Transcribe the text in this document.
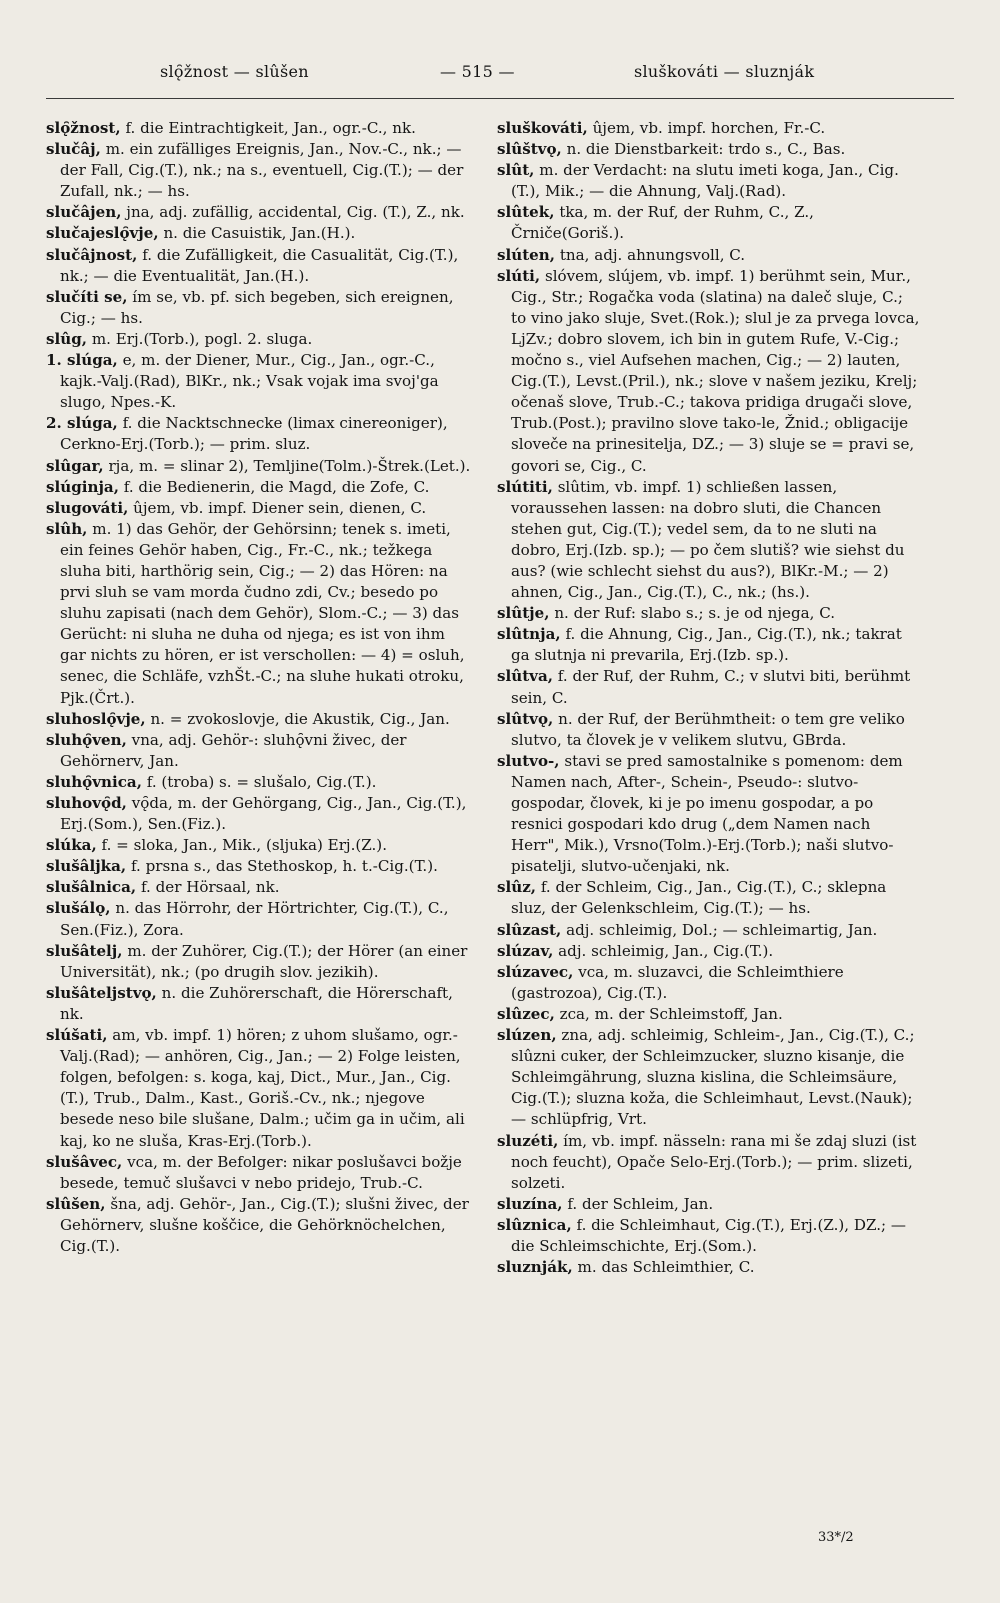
slǫ̑žnost — slûšen	— 515 —	sluškováti — sluznják

slǫ̑žnost, f. die Eintrachtigkeit, Jan., ogr.-C., nk.

slučâj, m. ein zufälliges Ereignis, Jan., Nov.-C., nk.; — der Fall, Cig.(T.), nk.; na s., eventuell, Cig.(T.); — der Zufall, nk.; — hs.

slučâjen, jna, adj. zufällig, accidental, Cig. (T.), Z., nk.

slučajeslǫ̑vje, n. die Casuistik, Jan.(H.).

slučâjnost, f. die Zufälligkeit, die Casualität, Cig.(T.), nk.; — die Eventualität, Jan.(H.).

slučíti se, ím se, vb. pf. sich begeben, sich ereignen, Cig.; — hs.

slûg, m. Erj.(Torb.), pogl. 2. sluga.

1. slúga, e, m. der Diener, Mur., Cig., Jan., ogr.-C., kajk.-Valj.(Rad), BlKr., nk.; Vsak vojak ima svoj'ga slugo, Npes.-K.

2. slúga, f. die Nacktschnecke (limax cinereoniger), Cerkno-Erj.(Torb.); — prim. sluz.

slûgar, rja, m. = slinar 2), Temljine(Tolm.)-Štrek.(Let.).

slúginja, f. die Bedienerin, die Magd, die Zofe, C.

slugováti, ûjem, vb. impf. Diener sein, dienen, C.

slûh, m. 1) das Gehör, der Gehörsinn; tenek s. imeti, ein feines Gehör haben, Cig., Fr.-C., nk.; težkega sluha biti, harthörig sein, Cig.; — 2) das Hören: na prvi sluh se vam morda čudno zdi, Cv.; besedo po sluhu zapisati (nach dem Gehör), Slom.-C.; — 3) das Gerücht: ni sluha ne duha od njega; es ist von ihm gar nichts zu hören, er ist verschollen: — 4) = osluh, senec, die Schläfe, vzhŠt.-C.; na sluhe hukati otroku, Pjk.(Črt.).

sluhoslǫ̑vje, n. = zvokoslovje, die Akustik, Cig., Jan.

sluhǫ̑ven, vna, adj. Gehör-: sluhǫ̑vni živec, der Gehörnerv, Jan.

sluhǫ̑vnica, f. (troba) s. = slušalo, Cig.(T.).

sluhovǫ̑d, vǫ̑da, m. der Gehörgang, Cig., Jan., Cig.(T.), Erj.(Som.), Sen.(Fiz.).

slúka, f. = sloka, Jan., Mik., (sljuka) Erj.(Z.).

slušâljka, f. prsna s., das Stethoskop, h. t.-Cig.(T.).

slušâlnica, f. der Hörsaal, nk.

slušálǫ, n. das Hörrohr, der Hörtrichter, Cig.(T.), C., Sen.(Fiz.), Zora.

slušâtelj, m. der Zuhörer, Cig.(T.); der Hörer (an einer Universität), nk.; (po drugih slov. jezikih).

slušâteljstvǫ, n. die Zuhörerschaft, die Hörerschaft, nk.

slúšati, am, vb. impf. 1) hören; z uhom slušamo, ogr.-Valj.(Rad); — anhören, Cig., Jan.; — 2) Folge leisten, folgen, befolgen: s. koga, kaj, Dict., Mur., Jan., Cig.(T.), Trub., Dalm., Kast., Goriš.-Cv., nk.; njegove besede neso bile slušane, Dalm.; učim ga in učim, ali kaj, ko ne sluša, Kras-Erj.(Torb.).

slušâvec, vca, m. der Befolger: nikar poslušavci božje besede, temuč slušavci v nebo pridejo, Trub.-C.

slûšen, šna, adj. Gehör-, Jan., Cig.(T.); slušni živec, der Gehörnerv, slušne koščice, die Gehörknöchelchen, Cig.(T.).

sluškováti, ûjem, vb. impf. horchen, Fr.-C.

slûštvǫ, n. die Dienstbarkeit: trdo s., C., Bas.

slût, m. der Verdacht: na slutu imeti koga, Jan., Cig.(T.), Mik.; — die Ahnung, Valj.(Rad).

slûtek, tka, m. der Ruf, der Ruhm, C., Z., Črniče(Goriš.).

slúten, tna, adj. ahnungsvoll, C.

slúti, slóvem, slújem, vb. impf. 1) berühmt sein, Mur., Cig., Str.; Rogačka voda (slatina) na daleč sluje, C.; to vino jako sluje, Svet.(Rok.); slul je za prvega lovca, LjZv.; dobro slovem, ich bin in gutem Rufe, V.-Cig.; močno s., viel Aufsehen machen, Cig.; — 2) lauten, Cig.(T.), Levst.(Pril.), nk.; slove v našem jeziku, Krelj; očenaš slove, Trub.-C.; takova pridiga drugači slove, Trub.(Post.); pravilno slove tako-le, Žnid.; obligacije slovečе na prinesitelja, DZ.; — 3) sluje se = pravi se, govori se, Cig., C.

slútiti, slûtim, vb. impf. 1) schließen lassen, voraussehen lassen: na dobro sluti, die Chancen stehen gut, Cig.(T.); vedel sem, da to ne sluti na dobro, Erj.(Izb. sp.); — po čem slutiš? wie siehst du aus? (wie schlecht siehst du aus?), BlKr.-M.; — 2) ahnen, Cig., Jan., Cig.(T.), C., nk.; (hs.).

slûtje, n. der Ruf: slabo s.; s. je od njega, C.

slûtnja, f. die Ahnung, Cig., Jan., Cig.(T.), nk.; takrat ga slutnja ni prevarila, Erj.(Izb. sp.).

slûtva, f. der Ruf, der Ruhm, C.; v slutvi biti, berühmt sein, C.

slûtvǫ, n. der Ruf, der Berühmtheit: o tem gre veliko slutvo, ta človek je v velikem slutvu, GBrda.

slutvo-, stavi se pred samostalnike s pomenom: dem Namen nach, After-, Schein-, Pseudo-: slutvo-gospodar, človek, ki je po imenu gospodar, a po resnici gospodari kdo drug („dem Namen nach Herr", Mik.), Vrsno(Tolm.)-Erj.(Torb.); naši slutvo-pisatelji, slutvo-učenjaki, nk.

slûz, f. der Schleim, Cig., Jan., Cig.(T.), C.; sklepna sluz, der Gelenkschleim, Cig.(T.); — hs.

slûzast, adj. schleimig, Dol.; — schleimartig, Jan.

slúzav, adj. schleimig, Jan., Cig.(T.).

slúzavec, vca, m. sluzavci, die Schleimthiere (gastrozoa), Cig.(T.).

slûzec, zca, m. der Schleimstoff, Jan.

slúzen, zna, adj. schleimig, Schleim-, Jan., Cig.(T.), C.; slûzni cuker, der Schleimzucker, sluzno kisanje, die Schleimgährung, sluzna kislina, die Schleimsäure, Cig.(T.); sluzna koža, die Schleimhaut, Levst.(Nauk); — schlüpfrig, Vrt.

sluzéti, ím, vb. impf. nässeln: rana mi še zdaj sluzi (ist noch feucht), Opače Selo-Erj.(Torb.); — prim. slizeti, solzeti.

sluzína, f. der Schleim, Jan.

slûznica, f. die Schleimhaut, Cig.(T.), Erj.(Z.), DZ.; — die Schleimschichte, Erj.(Som.).

sluznják, m. das Schleimthier, C.

33*/2
